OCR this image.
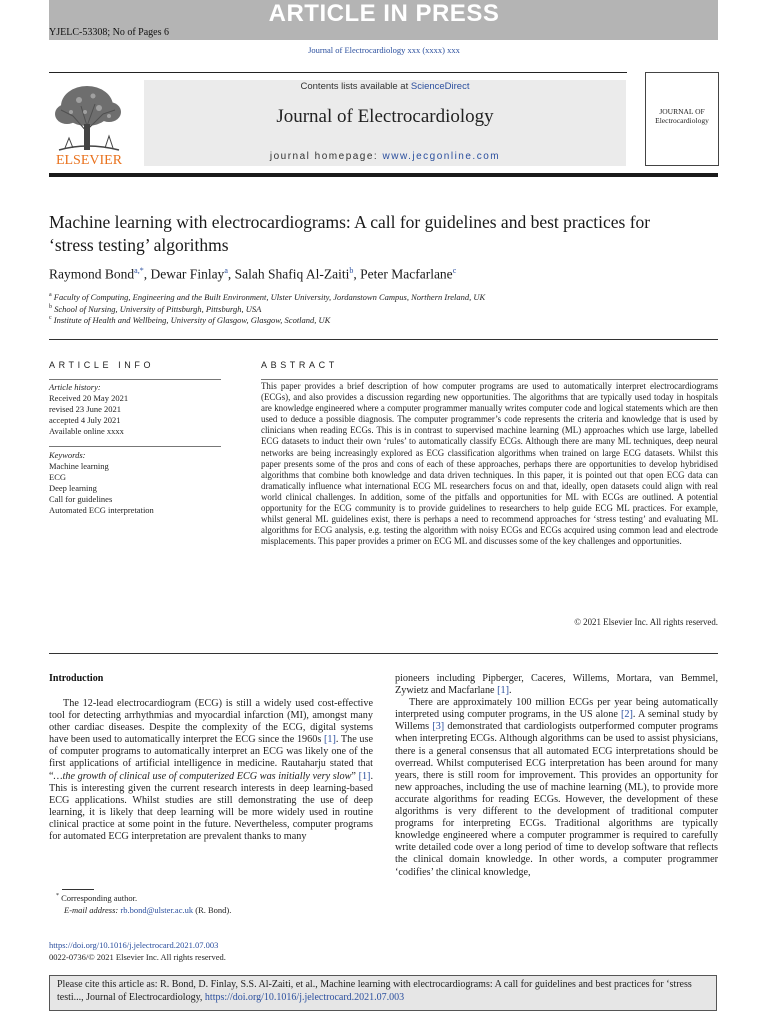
ARTICLE IN PRESS
YJELC-53308; No of Pages 6
Journal of Electrocardiology xxx (xxxx) xxx
ELSEVIER
Contents lists available at ScienceDirect
Journal of Electrocardiology
journal homepage: www.jecgonline.com
JOURNAL OF
Electrocardiology
Machine learning with electrocardiograms: A call for guidelines and best practices for ‘stress testing’ algorithms
Raymond Bond$^{a,*}$, Dewar Finlay$^a$, Salah Shafiq Al-Zaiti$^b$, Peter Macfarlane$^c$
$^a$ Faculty of Computing, Engineering and the Built Environment, Ulster University, Jordanstown Campus, Northern Ireland, UK
$^b$ School of Nursing, University of Pittsburgh, Pittsburgh, USA
$^c$ Institute of Health and Wellbeing, University of Glasgow, Glasgow, Scotland, UK
ARTICLE INFO
Article history:
Received 20 May 2021
revised 23 June 2021
accepted 4 July 2021
Available online xxxx
Keywords:
Machine learning
ECG
Deep learning
Call for guidelines
Automated ECG interpretation
ABSTRACT
This paper provides a brief description of how computer programs are used to automatically interpret electrocardiograms (ECGs), and also provides a discussion regarding new opportunities. The algorithms that are typically used today in hospitals are knowledge engineered where a computer programmer manually writes computer code and logical statements which are then used to deduce a possible diagnosis. The computer programmer’s code represents the criteria and knowledge that is used by clinicians when reading ECGs. This is in contrast to supervised machine learning (ML) approaches which use large, labelled ECG datasets to induct their own ‘rules’ to automatically classify ECGs. Although there are many ML techniques, deep neural networks are being increasingly explored as ECG classification algorithms when trained on large ECG datasets. Whilst this paper presents some of the pros and cons of each of these approaches, perhaps there are opportunities to develop hybridised algorithms that combine both knowledge and data driven techniques. In this paper, it is pointed out that open ECG data can dramatically influence what international ECG ML researchers focus on and that, ideally, open datasets could align with real world clinical challenges. In addition, some of the pitfalls and opportunities for ML with ECGs are outlined. A potential opportunity for the ECG community is to provide guidelines to researchers to help guide ECG ML practices. For example, whilst general ML guidelines exist, there is perhaps a need to recommend approaches for ‘stress testing’ and evaluating ML algorithms for ECG analysis, e.g. testing the algorithm with noisy ECGs and ECGs acquired using common lead and electrode misplacements. This paper provides a primer on ECG ML and discusses some of the key challenges and opportunities.
© 2021 Elsevier Inc. All rights reserved.
Introduction
The 12-lead electrocardiogram (ECG) is still a widely used cost-effective tool for detecting arrhythmias and myocardial infarction (MI), amongst many other cardiac diseases. Despite the complexity of the ECG, digital systems have been used to automatically interpret the ECG since the 1960s [1]. The use of computer programs to automatically interpret an ECG was likely one of the first applications of artificial intelligence in medicine. Rautaharju stated that “…the growth of clinical use of computerized ECG was initially very slow” [1]. This is interesting given the current research interests in deep learning-based ECG applications. Whilst studies are still demonstrating the use of deep learning, it is likely that deep learning will be more widely used in routine clinical practice at some point in the future. Nevertheless, computer programs for automated ECG interpretation are prevalent thanks to many
pioneers including Pipberger, Caceres, Willems, Mortara, van Bemmel, Zywietz and Macfarlane [1].
There are approximately 100 million ECGs per year being automatically interpreted using computer programs, in the US alone [2]. A seminal study by Willems [3] demonstrated that cardiologists outperformed computer programs when interpreting ECGs. Although algorithms can be used to assist physicians, there is a general consensus that all automated ECG interpretations should be overread. Whilst computerised ECG interpretation has been around for many years, there is still room for improvement. This provides an opportunity for new approaches, including the use of machine learning (ML), to provide more accurate algorithms for reading ECGs. However, the development of these algorithms is very different to the development of traditional computer programs for interpreting ECGs. Traditional algorithms are typically knowledge engineered where a computer programmer is required to carefully write detailed code over a long period of time to develop software that reflects the clinical domain knowledge. In other words, a computer programmer ‘codifies’ the clinical knowledge,
* Corresponding author.
E-mail address: rb.bond@ulster.ac.uk (R. Bond).
https://doi.org/10.1016/j.jelectrocard.2021.07.003
0022-0736/© 2021 Elsevier Inc. All rights reserved.
Please cite this article as: R. Bond, D. Finlay, S.S. Al-Zaiti, et al., Machine learning with electrocardiograms: A call for guidelines and best practices for ‘stress testi..., Journal of Electrocardiology, https://doi.org/10.1016/j.jelectrocard.2021.07.003
